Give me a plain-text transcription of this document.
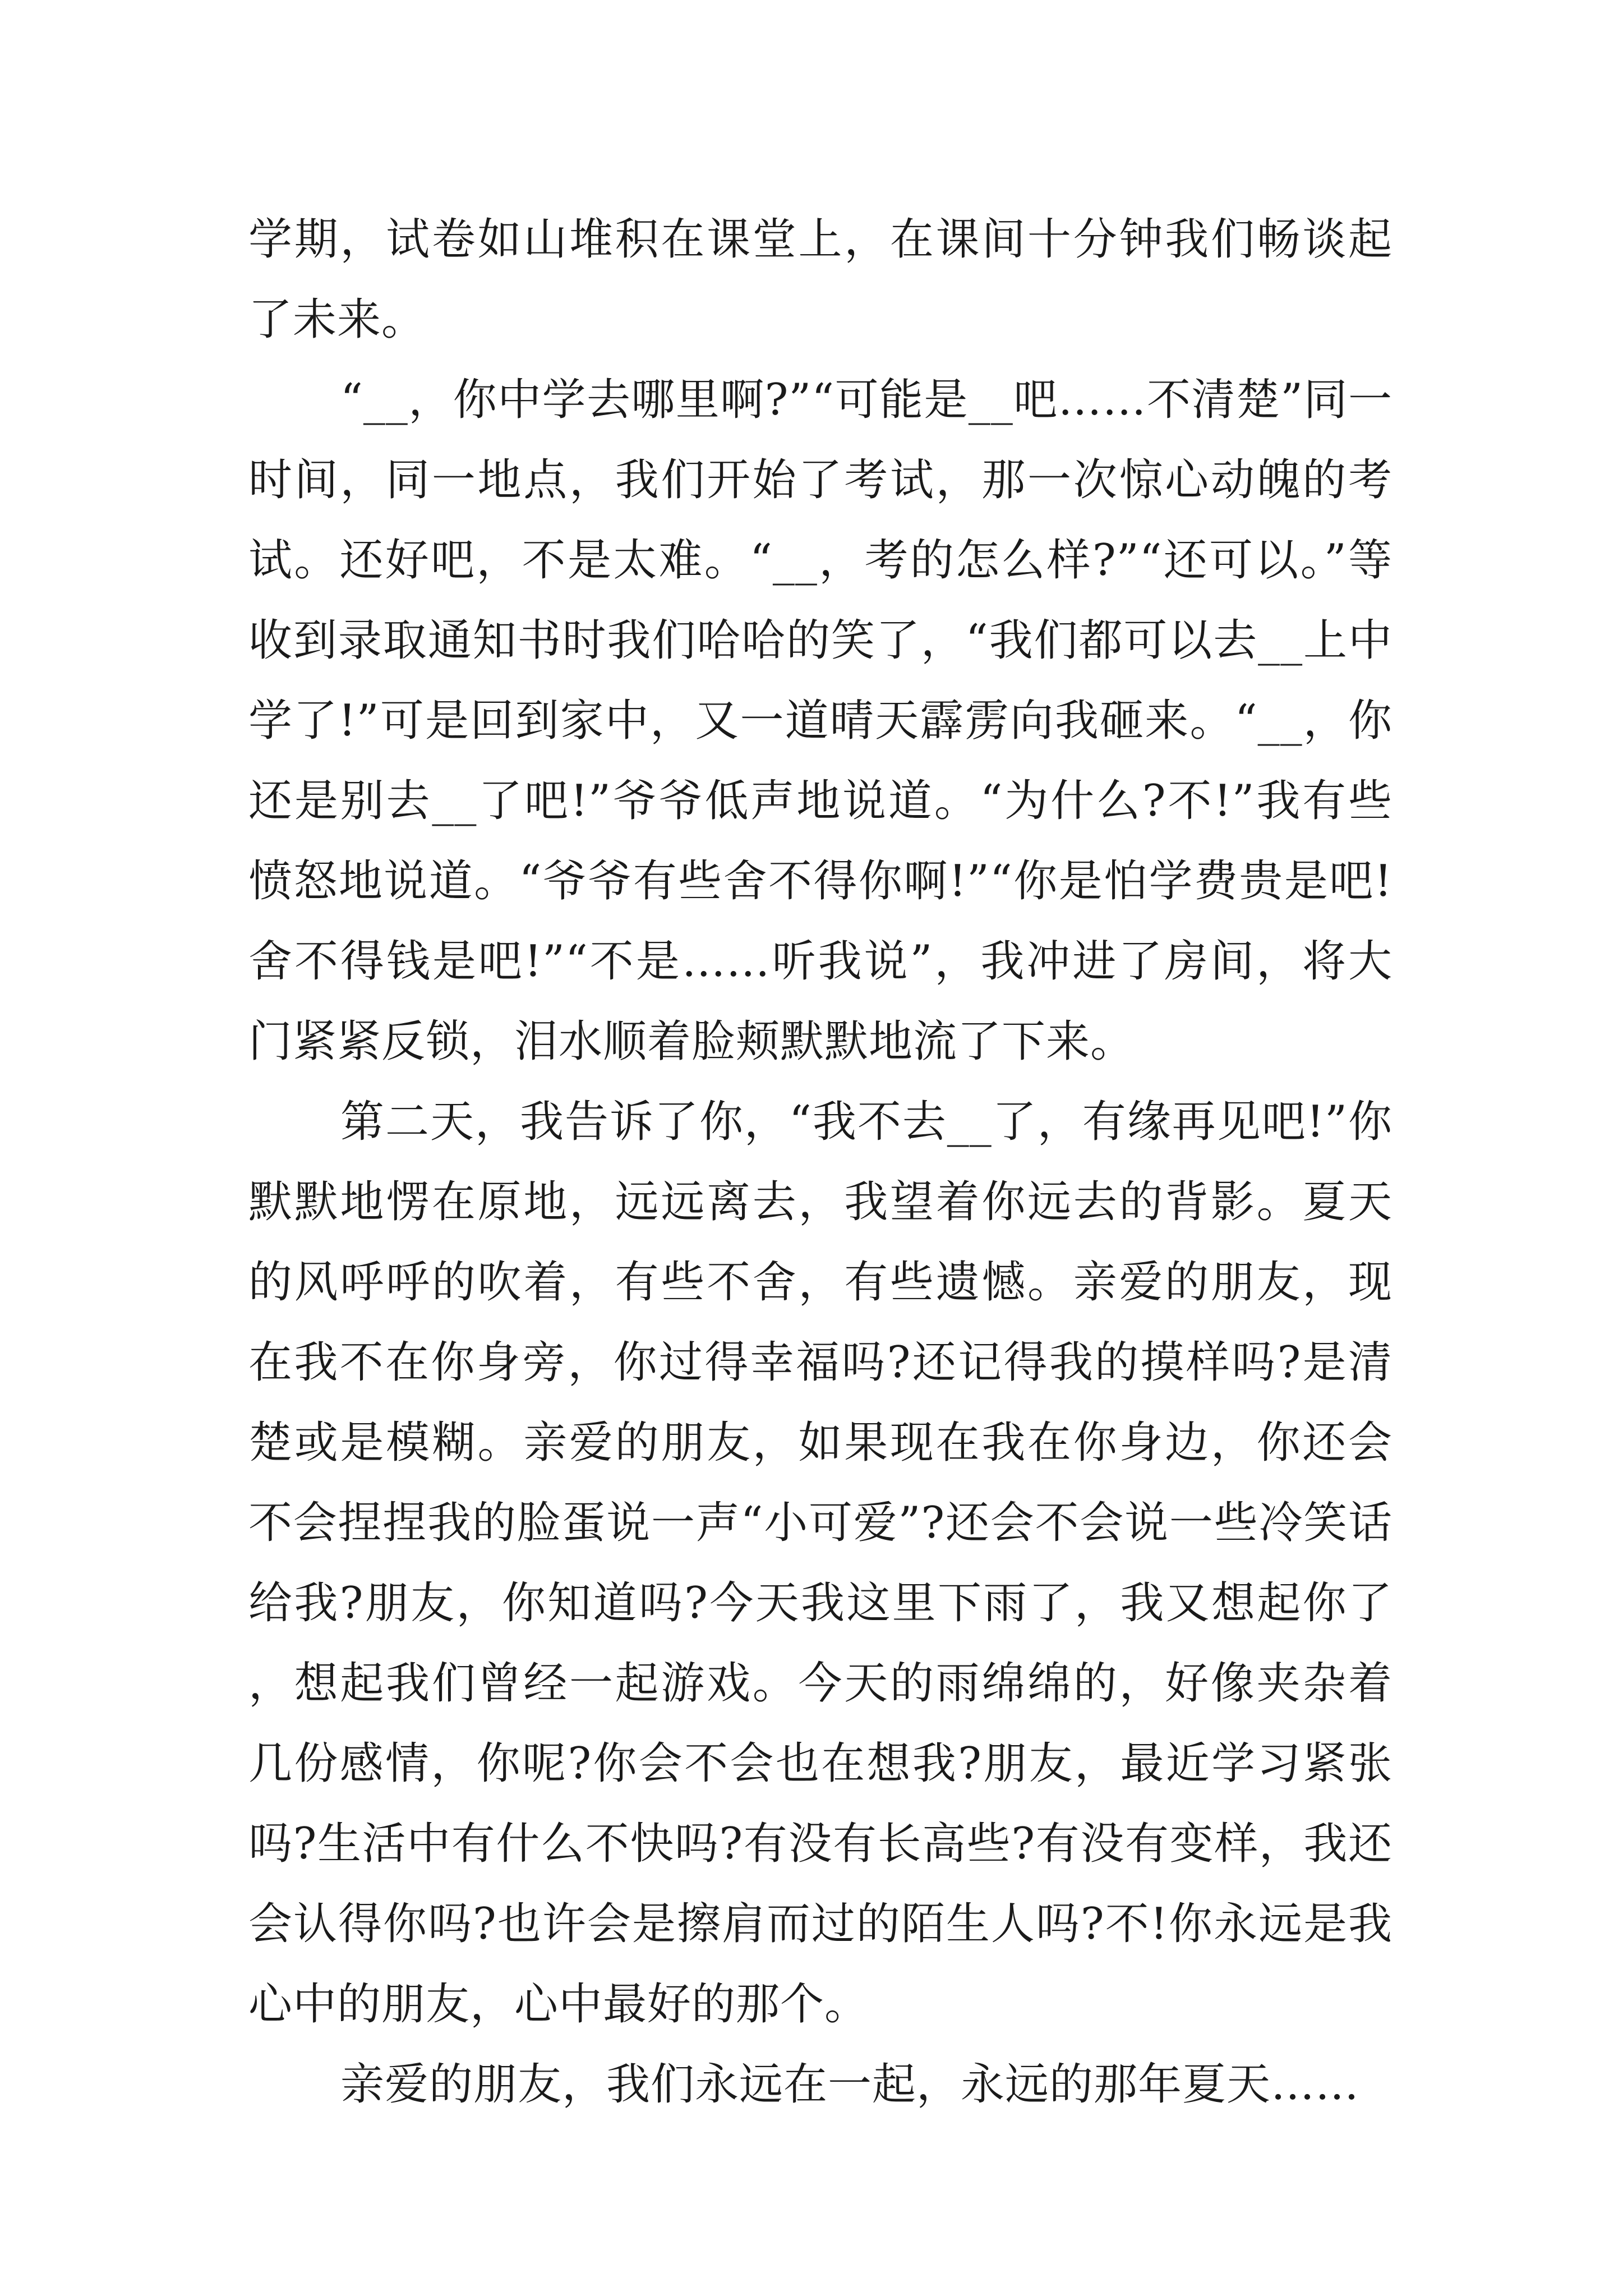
学期，试卷如山堆积在课堂上，在课间十分钟我们畅谈起了未来。

“__，你中学去哪里啊?”“可能是__吧……不清楚”同一时间，同一地点，我们开始了考试，那一次惊心动魄的考试。还好吧，不是太难。“__，考的怎么样?”“还可以。”等收到录取通知书时我们哈哈的笑了，“我们都可以去__上中学了!”可是回到家中，又一道晴天霹雳向我砸来。“__，你还是别去__了吧!”爷爷低声地说道。“为什么?不!”我有些愤怒地说道。“爷爷有些舍不得你啊!”“你是怕学费贵是吧!舍不得钱是吧!”“不是……听我说”，我冲进了房间，将大门紧紧反锁，泪水顺着脸颊默默地流了下来。

第二天，我告诉了你，“我不去__了，有缘再见吧!”你默默地愣在原地，远远离去，我望着你远去的背影。夏天的风呼呼的吹着，有些不舍，有些遗憾。亲爱的朋友，现在我不在你身旁，你过得幸福吗?还记得我的摸样吗?是清楚或是模糊。亲爱的朋友，如果现在我在你身边，你还会不会捏捏我的脸蛋说一声“小可爱”?还会不会说一些冷笑话给我?朋友，你知道吗?今天我这里下雨了，我又想起你了，想起我们曾经一起游戏。今天的雨绵绵的，好像夹杂着几份感情，你呢?你会不会也在想我?朋友，最近学习紧张吗?生活中有什么不快吗?有没有长高些?有没有变样，我还会认得你吗?也许会是擦肩而过的陌生人吗?不!你永远是我心中的朋友，心中最好的那个。

亲爱的朋友，我们永远在一起，永远的那年夏天……
